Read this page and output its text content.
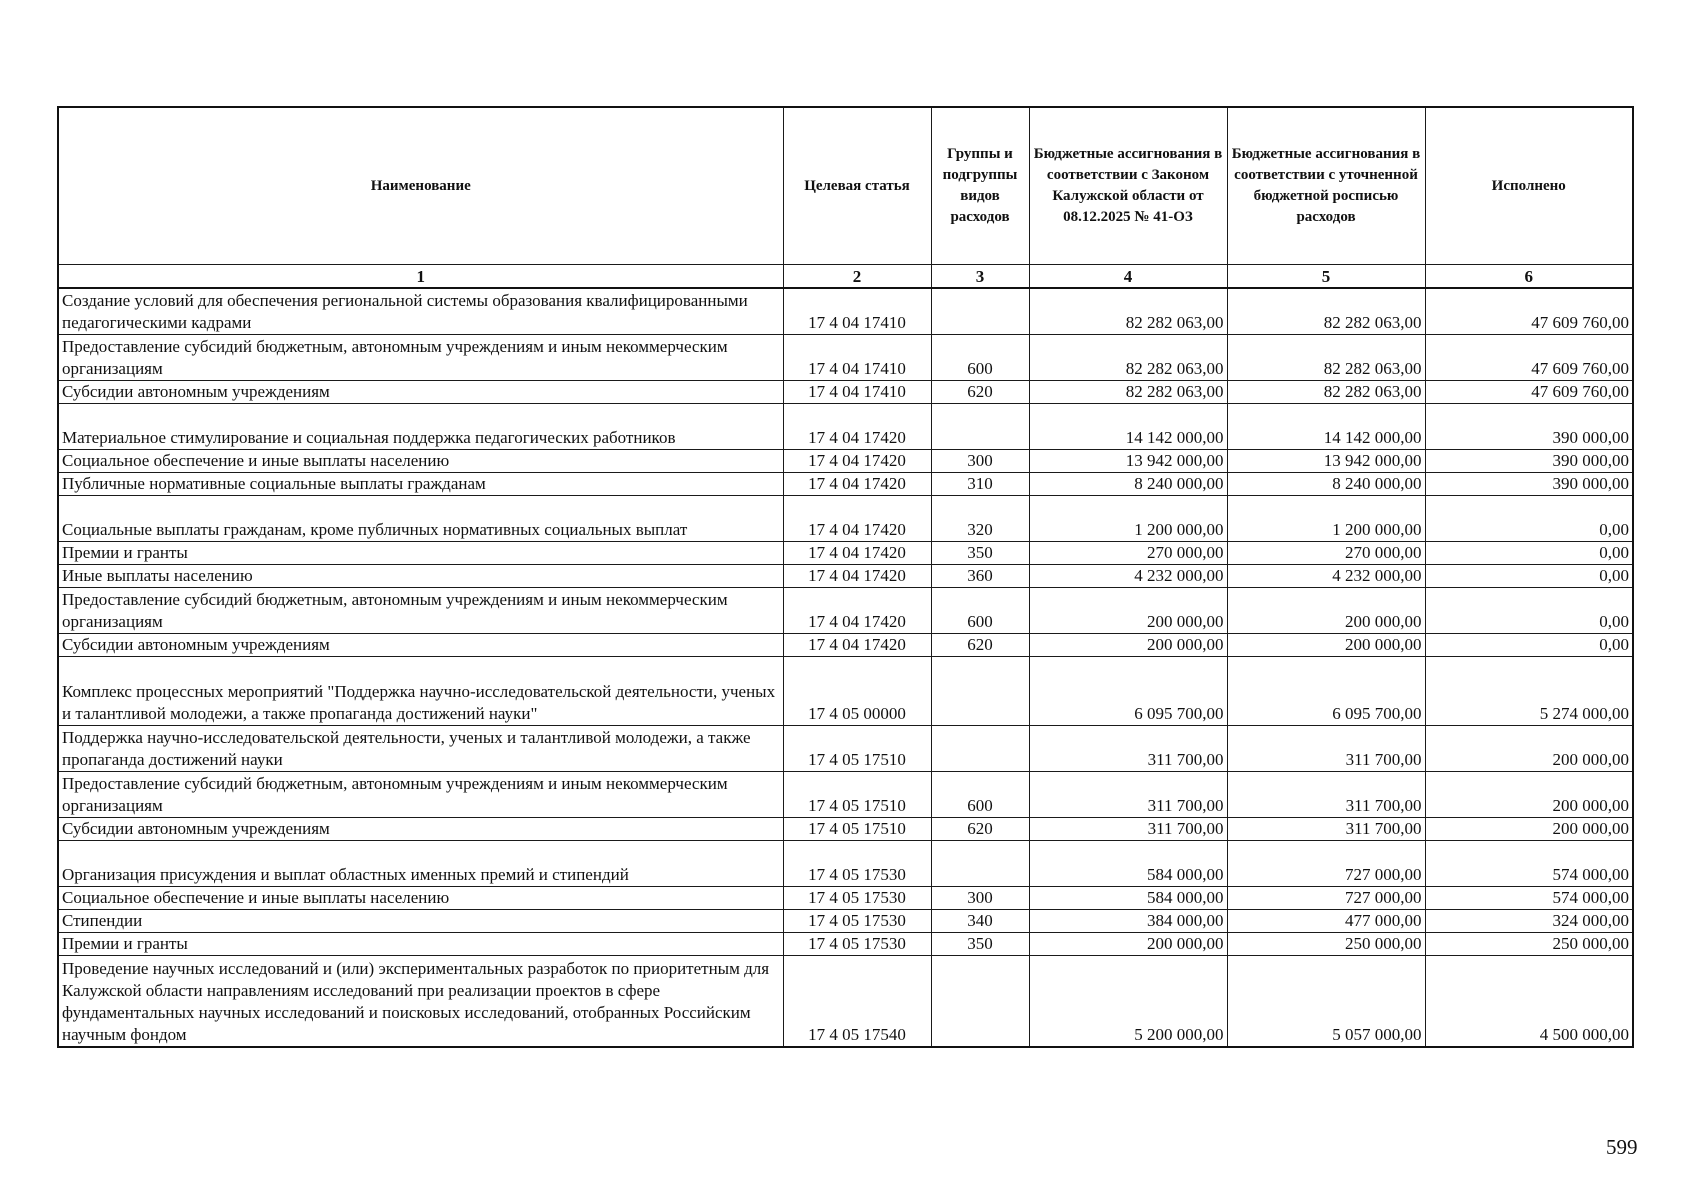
Наименование	Целевая статья	Группы и подгруппы видов расходов	Бюджетные ассигнования в соответствии с Законом Калужской области от 08.12.2025 № 41-ОЗ	Бюджетные ассигнования в соответствии с уточненной бюджетной росписью расходов	Исполнено
1	2	3	4	5	6
Создание условий для обеспечения региональной системы образования квалифицированными педагогическими кадрами	17 4 04 17410		82 282 063,00	82 282 063,00	47 609 760,00
Предоставление субсидий бюджетным, автономным учреждениям и иным некоммерческим организациям	17 4 04 17410	600	82 282 063,00	82 282 063,00	47 609 760,00
Субсидии автономным учреждениям	17 4 04 17410	620	82 282 063,00	82 282 063,00	47 609 760,00
Материальное стимулирование и социальная поддержка педагогических работников	17 4 04 17420		14 142 000,00	14 142 000,00	390 000,00
Социальное обеспечение и иные выплаты населению	17 4 04 17420	300	13 942 000,00	13 942 000,00	390 000,00
Публичные нормативные социальные выплаты гражданам	17 4 04 17420	310	8 240 000,00	8 240 000,00	390 000,00
Социальные выплаты гражданам, кроме публичных нормативных социальных выплат	17 4 04 17420	320	1 200 000,00	1 200 000,00	0,00
Премии и гранты	17 4 04 17420	350	270 000,00	270 000,00	0,00
Иные выплаты населению	17 4 04 17420	360	4 232 000,00	4 232 000,00	0,00
Предоставление субсидий бюджетным, автономным учреждениям и иным некоммерческим организациям	17 4 04 17420	600	200 000,00	200 000,00	0,00
Субсидии автономным учреждениям	17 4 04 17420	620	200 000,00	200 000,00	0,00
Комплекс процессных мероприятий "Поддержка научно-исследовательской деятельности, ученых и талантливой молодежи, а также пропаганда достижений науки"	17 4 05 00000		6 095 700,00	6 095 700,00	5 274 000,00
Поддержка научно-исследовательской деятельности, ученых и талантливой молодежи, а также пропаганда достижений науки	17 4 05 17510		311 700,00	311 700,00	200 000,00
Предоставление субсидий бюджетным, автономным учреждениям и иным некоммерческим организациям	17 4 05 17510	600	311 700,00	311 700,00	200 000,00
Субсидии автономным учреждениям	17 4 05 17510	620	311 700,00	311 700,00	200 000,00
Организация присуждения и выплат областных именных премий и стипендий	17 4 05 17530		584 000,00	727 000,00	574 000,00
Социальное обеспечение и иные выплаты населению	17 4 05 17530	300	584 000,00	727 000,00	574 000,00
Стипендии	17 4 05 17530	340	384 000,00	477 000,00	324 000,00
Премии и гранты	17 4 05 17530	350	200 000,00	250 000,00	250 000,00
Проведение научных исследований и (или) экспериментальных разработок по приоритетным для Калужской области направлениям исследований при реализации проектов в сфере фундаментальных научных исследований и поисковых исследований, отобранных Российским научным фондом	17 4 05 17540		5 200 000,00	5 057 000,00	4 500 000,00
599
